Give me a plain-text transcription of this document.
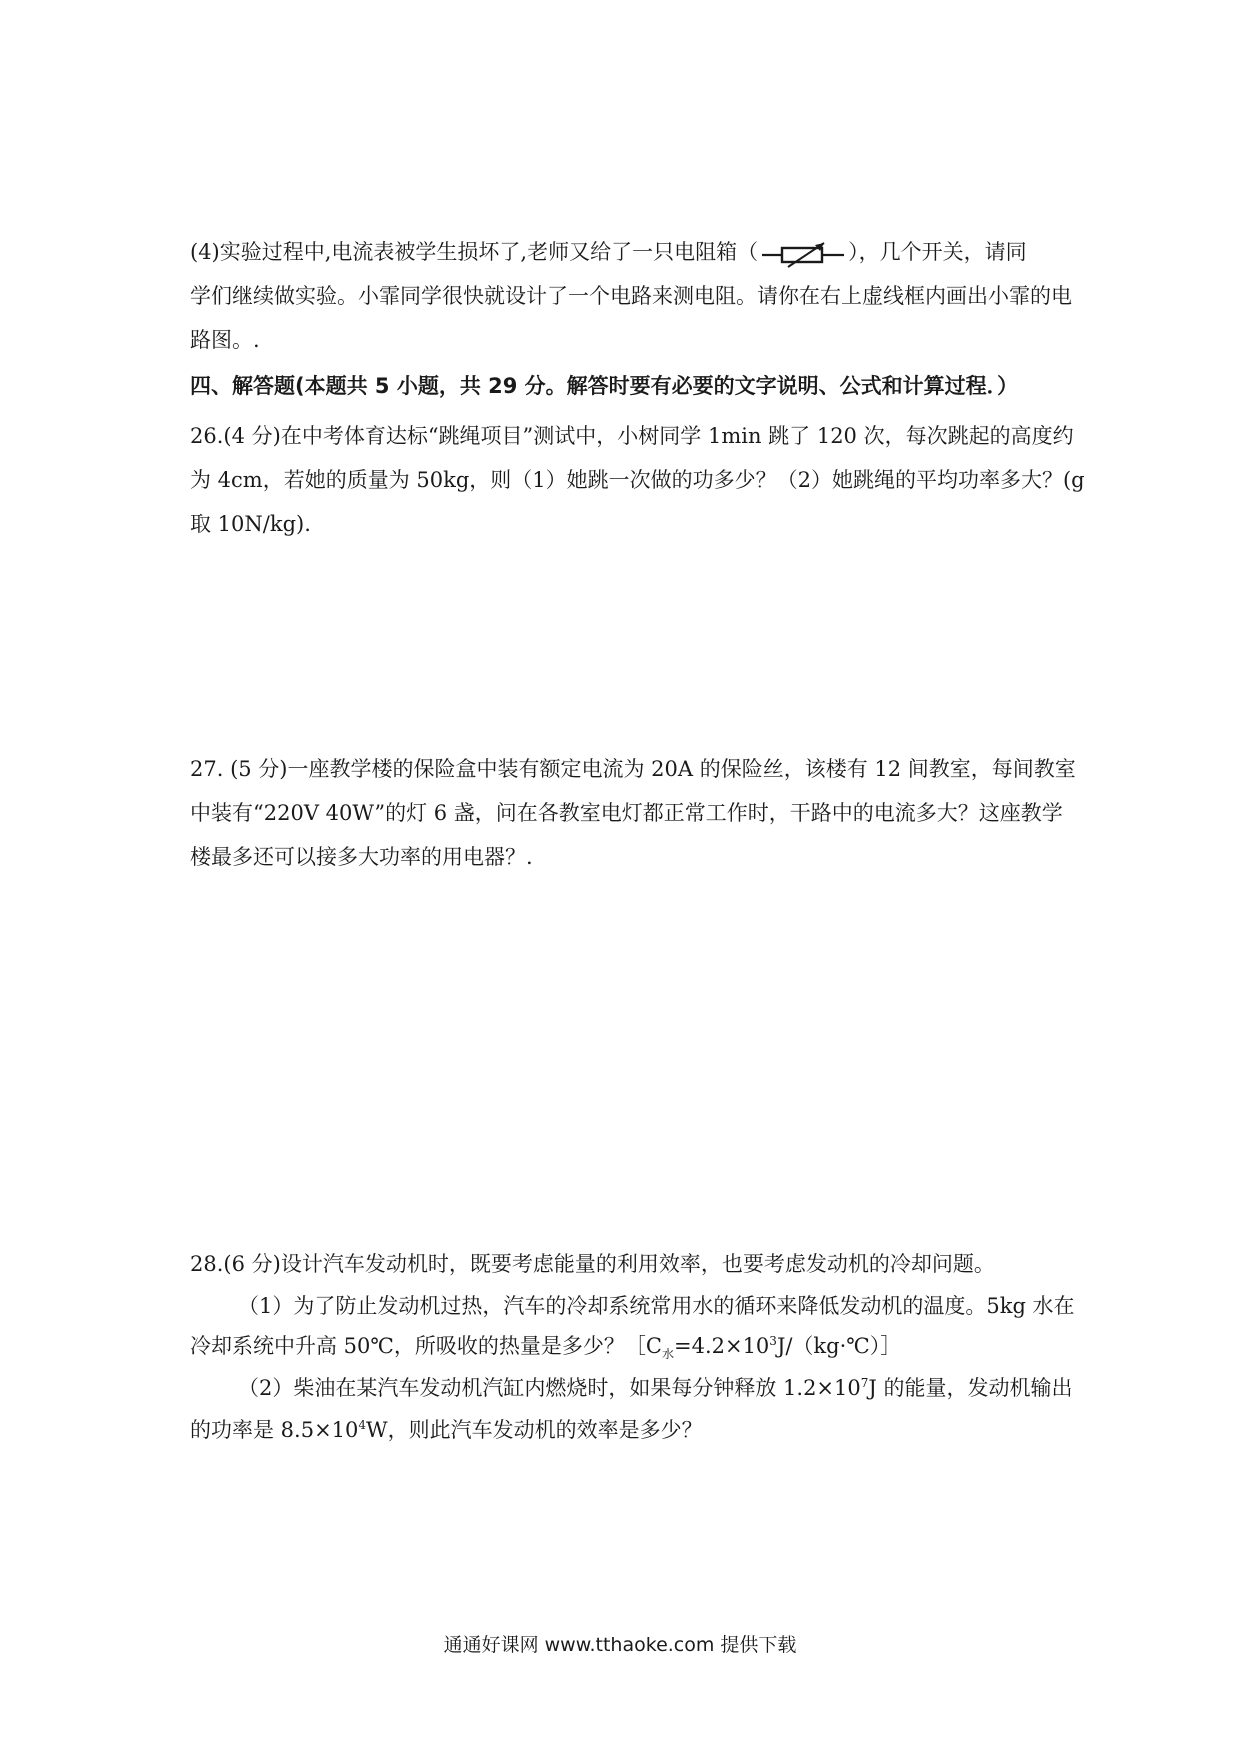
(4)实验过程中,电流表被学生损坏了,老师又给了一只电阻箱（	），几个开关，请同
学们继续做实验。小霏同学很快就设计了一个电路来测电阻。请你在右上虚线框内画出小霏的电
路图。.
四、解答题(本题共 5 小题，共 29 分。解答时要有必要的文字说明、公式和计算过程．）
26.(4 分)在中考体育达标“跳绳项目”测试中，小树同学 1min 跳了 120 次，每次跳起的高度约
为 4cm，若她的质量为 50kg，则（1）她跳一次做的功多少？（2）她跳绳的平均功率多大？(g
取 10N/kg).
27. (5 分)一座教学楼的保险盒中装有额定电流为 20A 的保险丝，该楼有 12 间教室，每间教室
中装有“220V 40W”的灯 6 盏，问在各教室电灯都正常工作时，干路中的电流多大？这座教学
楼最多还可以接多大功率的用电器？.
28.(6 分)设计汽车发动机时，既要考虑能量的利用效率，也要考虑发动机的冷却问题。
（1）为了防止发动机过热，汽车的冷却系统常用水的循环来降低发动机的温度。5kg 水在
冷却系统中升高 50℃，所吸收的热量是多少？$[C_水=4.2\times 10^3J/(kg\cdot℃)]$
（2）柴油在某汽车发动机汽缸内燃烧时，如果每分钟释放 $1.2\times 10^7J$ 的能量，发动机输出
的功率是 $8.5\times 10^4W$，则此汽车发动机的效率是多少？
通通好课网 www.tthaoke.com 提供下载
